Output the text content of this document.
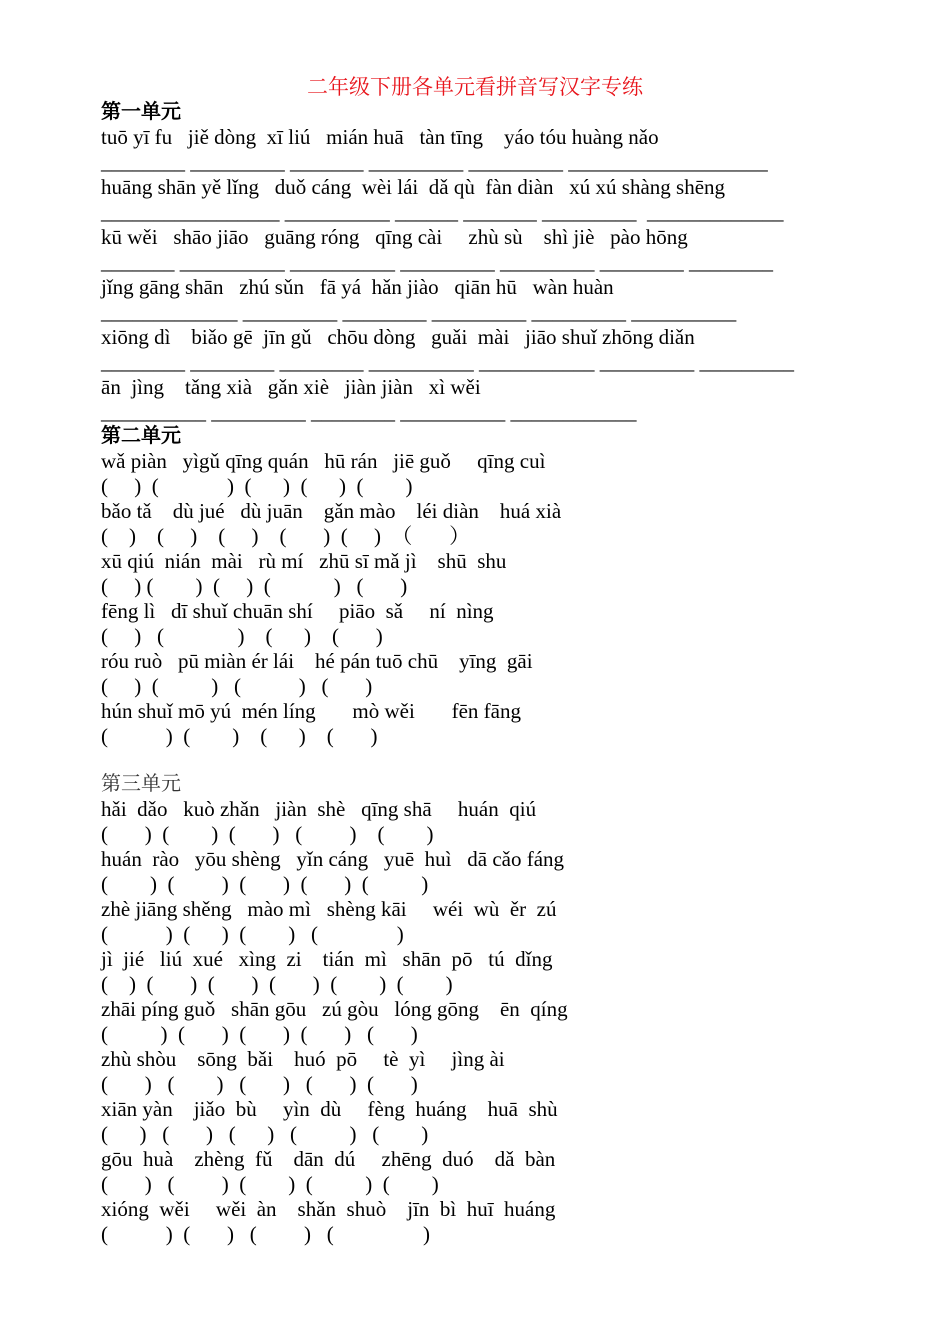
二年级下册各单元看拼音写汉字专练
第一单元
tuō yī fu   jiě dòng  xī liú   mián huā   tàn tīng    yáo tóu huàng nǎo
________ _________ _______ _________ _________ ___________________
huāng shān yě lǐng   duǒ cáng  wèi lái  dǎ qù  fàn diàn   xú xú shàng shēng
_________________ __________ ______ _______ _________  _____________
kū wěi   shāo jiāo   guāng róng   qīng cài     zhù sù    shì jiè   pào hōng
_______ __________ __________ _________ _________ ________ ________
jǐng gāng shān   zhú sǔn   fā yá  hǎn jiào   qiān hū   wàn huàn
_____________ _________ ________ _________ _________ __________
xiōng dì    biǎo gē  jīn gǔ   chōu dòng   guǎi  mài   jiāo shuǐ zhōng diǎn
________ ________ ________ __________ ___________ _________ _________
ān  jìng    tǎng xià   gǎn xiè   jiàn jiàn   xì wěi
__________ _________ ________ __________ ____________
第二单元
wǎ piàn   yìgǔ qīng quán   hū rán   jiē guǒ     qīng cuì
(     )  (             )  (      )  (      )  (        )
bǎo tǎ    dù jué   dù juān    gǎn mào    léi diàn    huá xià
(    )    (     )    (     )    (       )  (     )  （       ）
xū qiú  nián  mài   rù mí   zhū sī mǎ jì    shū  shu
(     ) (        )  (     )  (            )   (       )
fēng lì   dī shuǐ chuān shí     piāo  sǎ     ní  nìng
(     )   (              )    (      )    (       )
róu ruò   pū miàn ér lái    hé pán tuō chū    yīng  gāi
(     )  (          )   (           )   (       )
hún shuǐ mō yú  mén líng       mò wěi       fēn fāng
(           )  (        )    (      )    (       )
第三单元
hǎi  dǎo   kuò zhǎn   jiàn  shè   qīng shā     huán  qiú
(       )  (        )  (       )   (         )    (        )
huán  rào   yōu shèng   yǐn cáng   yuē  huì   dā cǎo fáng
(        )  (         )  (       )  (       )  (          )
zhè jiāng shěng   mào mì   shèng kāi     wéi  wù  ěr  zú
(           )  (      )  (        )   (               )
jì  jié   liú  xué   xìng  zi    tián  mì   shān  pō   tú  dǐng
(    )  (       )  (       )  (       )  (        )  (        )
zhāi píng guǒ   shān gōu   zú gòu   lóng gōng    ēn  qíng
(          )  (       )  (       )  (       )   (       )
zhù shòu    sōng  bǎi    huó  pō     tè  yì     jìng ài
(       )   (        )   (       )   (       )  (       )
xiān yàn    jiǎo  bù     yìn  dù     fèng  huáng    huā  shù
(      )   (       )   (      )   (          )   (        )
gōu  huà    zhèng  fǔ    dān  dú     zhēng  duó    dǎ  bàn
(       )   (         )  (        )  (          )  (        )
xióng  wěi     wěi  àn    shǎn  shuò    jīn  bì  huī  huáng
(           )  (       )   (         )   (                 )
